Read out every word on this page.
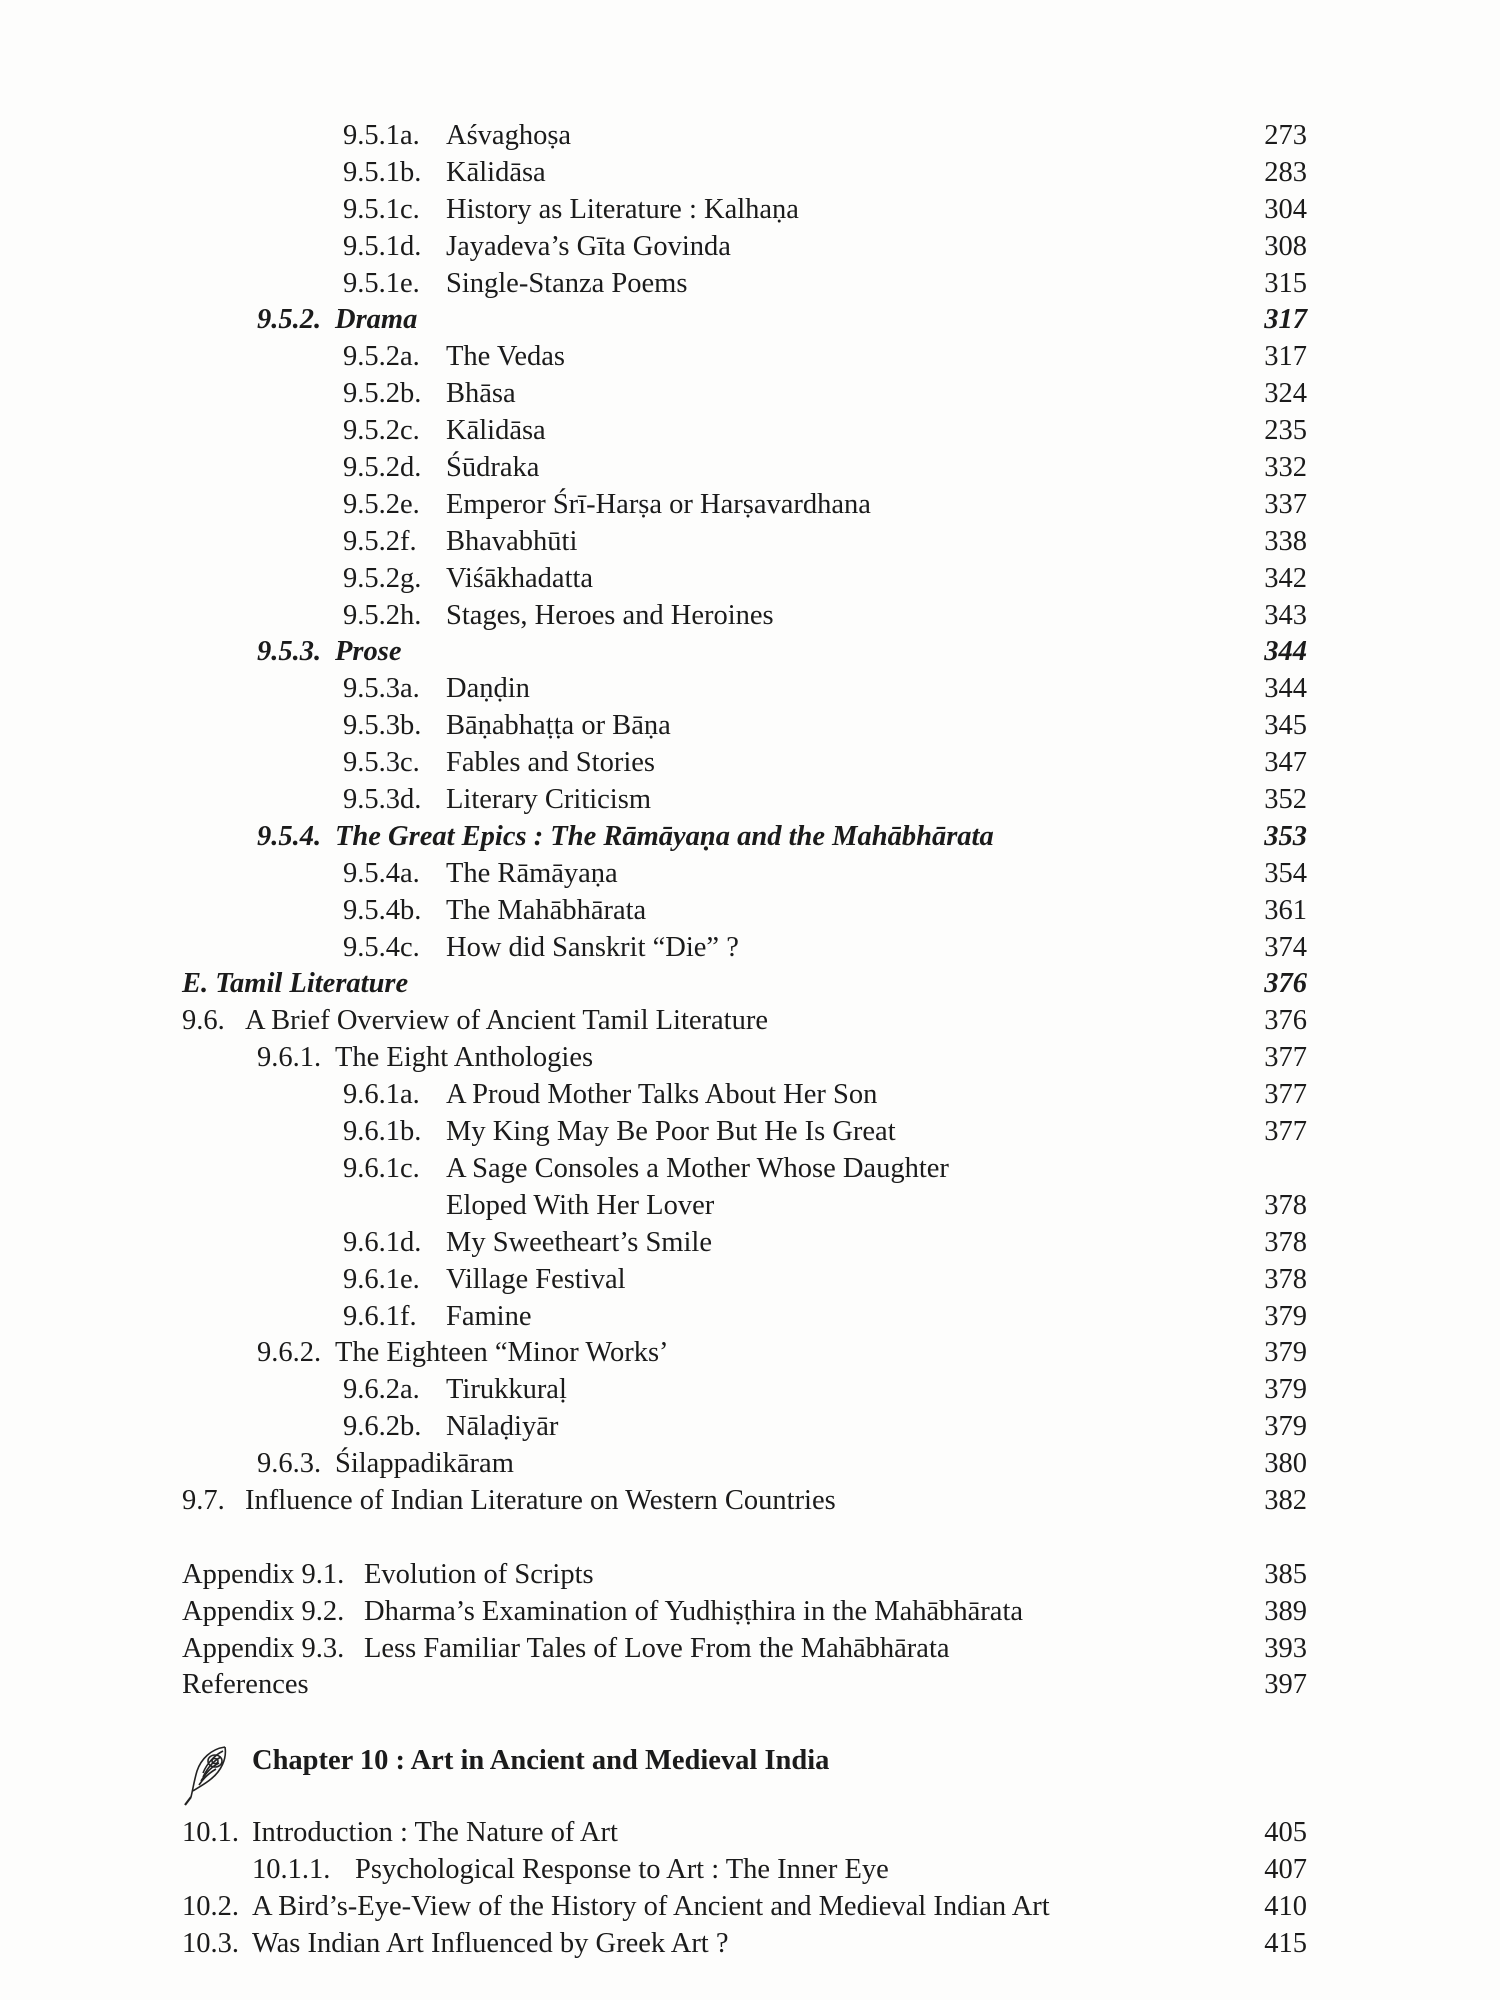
9.5.1a. Aśvaghoṣa	273
9.5.1b. Kālidāsa	283
9.5.1c. History as Literature : Kalhaṇa	304
9.5.1d. Jayadeva’s Gīta Govinda	308
9.5.1e. Single-Stanza Poems	315
9.5.2. Drama	317
9.5.2a. The Vedas	317
9.5.2b. Bhāsa	324
9.5.2c. Kālidāsa	235
9.5.2d. Śūdraka	332
9.5.2e. Emperor Śrī-Harṣa or Harṣavardhana	337
9.5.2f. Bhavabhūti	338
9.5.2g. Viśākhadatta	342
9.5.2h. Stages, Heroes and Heroines	343
9.5.3. Prose	344
9.5.3a. Daṇḍin	344
9.5.3b. Bāṇabhaṭṭa or Bāṇa	345
9.5.3c. Fables and Stories	347
9.5.3d. Literary Criticism	352
9.5.4. The Great Epics : The Rāmāyaṇa and the Mahābhārata	353
9.5.4a. The Rāmāyaṇa	354
9.5.4b. The Mahābhārata	361
9.5.4c. How did Sanskrit “Die” ?	374
E. Tamil Literature	376
9.6. A Brief Overview of Ancient Tamil Literature	376
9.6.1. The Eight Anthologies	377
9.6.1a. A Proud Mother Talks About Her Son	377
9.6.1b. My King May Be Poor But He Is Great	377
9.6.1c. A Sage Consoles a Mother Whose Daughter
Eloped With Her Lover	378
9.6.1d. My Sweetheart’s Smile	378
9.6.1e. Village Festival	378
9.6.1f. Famine	379
9.6.2. The Eighteen “Minor Works’	379
9.6.2a. Tirukkuraḷ	379
9.6.2b. Nālaḍiyār	379
9.6.3. Śilappadikāram	380
9.7. Influence of Indian Literature on Western Countries	382
Appendix 9.1. Evolution of Scripts	385
Appendix 9.2. Dharma’s Examination of Yudhiṣṭhira in the Mahābhārata	389
Appendix 9.3. Less Familiar Tales of Love From the Mahābhārata	393
References	397
Chapter 10 : Art in Ancient and Medieval India
10.1. Introduction : The Nature of Art	405
10.1.1. Psychological Response to Art : The Inner Eye	407
10.2. A Bird’s-Eye-View of the History of Ancient and Medieval Indian Art	410
10.3. Was Indian Art Influenced by Greek Art ?	415
